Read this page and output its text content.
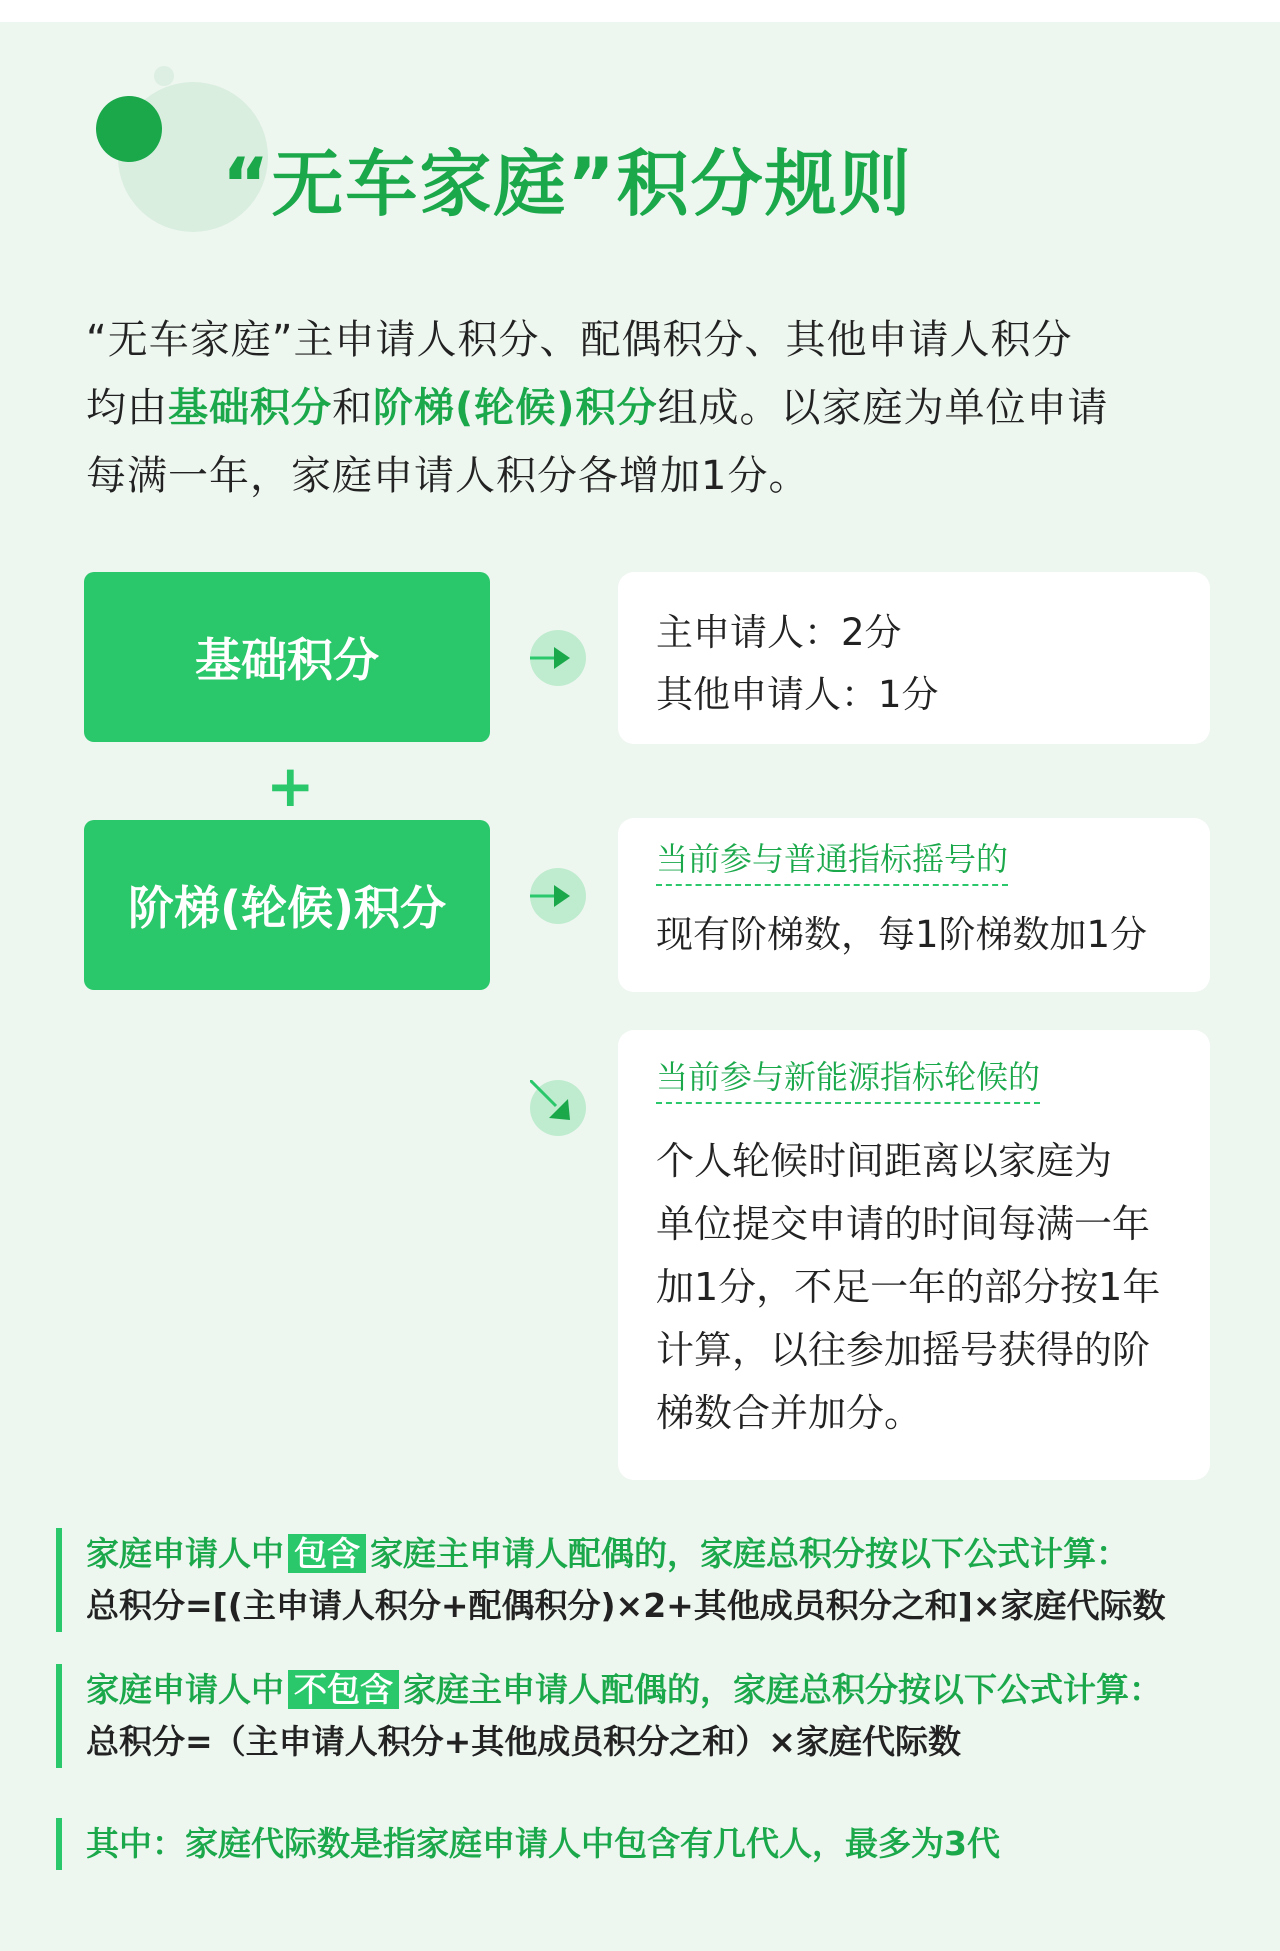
“无车家庭”积分规则
“无车家庭”主申请人积分、配偶积分、其他申请人积分
均由基础积分和阶梯(轮候)积分组成。以家庭为单位申请
每满一年，家庭申请人积分各增加1分。
基础积分
+
阶梯(轮候)积分
主申请人：2分
其他申请人：1分
当前参与普通指标摇号的
现有阶梯数，每1阶梯数加1分
当前参与新能源指标轮候的
个人轮候时间距离以家庭为
单位提交申请的时间每满一年
加1分，不足一年的部分按1年
计算，以往参加摇号获得的阶
梯数合并加分。
家庭申请人中 包含 家庭主申请人配偶的，家庭总积分按以下公式计算：
总积分=[(主申请人积分+配偶积分)×2+其他成员积分之和]×家庭代际数
家庭申请人中 不包含 家庭主申请人配偶的，家庭总积分按以下公式计算：
总积分=（主申请人积分+其他成员积分之和）×家庭代际数
其中：家庭代际数是指家庭申请人中包含有几代人，最多为3代
